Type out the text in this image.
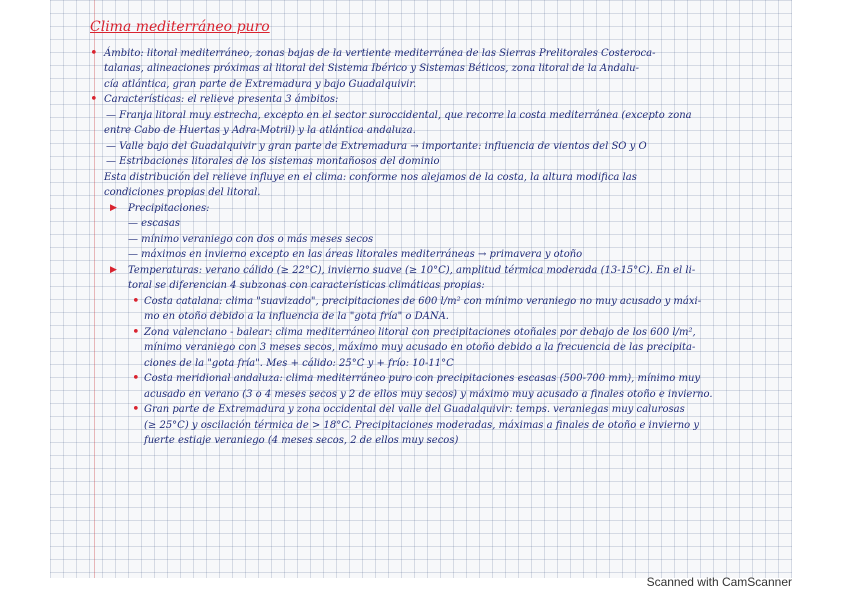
Clima mediterráneo puro
• Ámbito: litoral mediterráneo, zonas bajas de la vertiente mediterránea de las Sierras Prelitorales Costeroca-
talanas, alineaciones próximas al litoral del Sistema Ibérico y Sistemas Béticos, zona litoral de la Andalu-
cía atlántica, gran parte de Extremadura y bajo Guadalquivir.
• Características: el relieve presenta 3 ámbitos:
— Franja litoral muy estrecha, excepto en el sector suroccidental, que recorre la costa mediterránea (excepto zona
entre Cabo de Huertas y Adra-Motril) y la atlántica andaluza.
— Valle bajo del Guadalquivir y gran parte de Extremadura → importante: influencia de vientos del SO y O
— Estribaciones litorales de los sistemas montañosos del dominio
Esta distribución del relieve influye en el clima: conforme nos alejamos de la costa, la altura modifica las
condiciones propias del litoral.
▶ Precipitaciones:
— escasas
— mínimo veraniego con dos o más meses secos
— máximos en invierno excepto en las áreas litorales mediterráneas → primavera y otoño
▶ Temperaturas: verano cálido (≥ 22°C), invierno suave (≥ 10°C), amplitud térmica moderada (13-15°C). En el li-
toral se diferencian 4 subzonas con características climáticas propias:
• Costa catalana: clima "suavizado", precipitaciones de 600 l/m² con mínimo veraniego no muy acusado y máxi-
mo en otoño debido a la influencia de la "gota fría" o DANA.
• Zona valenciano - balear: clima mediterráneo litoral con precipitaciones otoñales por debajo de los 600 l/m²,
mínimo veraniego con 3 meses secos, máximo muy acusado en otoño debido a la frecuencia de las precipita-
ciones de la "gota fría". Mes + cálido: 25°C y + frío: 10-11°C
• Costa meridional andaluza: clima mediterráneo puro con precipitaciones escasas (500-700 mm), mínimo muy
acusado en verano (3 o 4 meses secos y 2 de ellos muy secos) y máximo muy acusado a finales otoño e invierno.
• Gran parte de Extremadura y zona occidental del valle del Guadalquivir: temps. veraniegas muy calurosas
(≥ 25°C) y oscilación térmica de > 18°C. Precipitaciones moderadas, máximas a finales de otoño e invierno y
fuerte estiaje veraniego (4 meses secos, 2 de ellos muy secos)
Scanned with CamScanner
